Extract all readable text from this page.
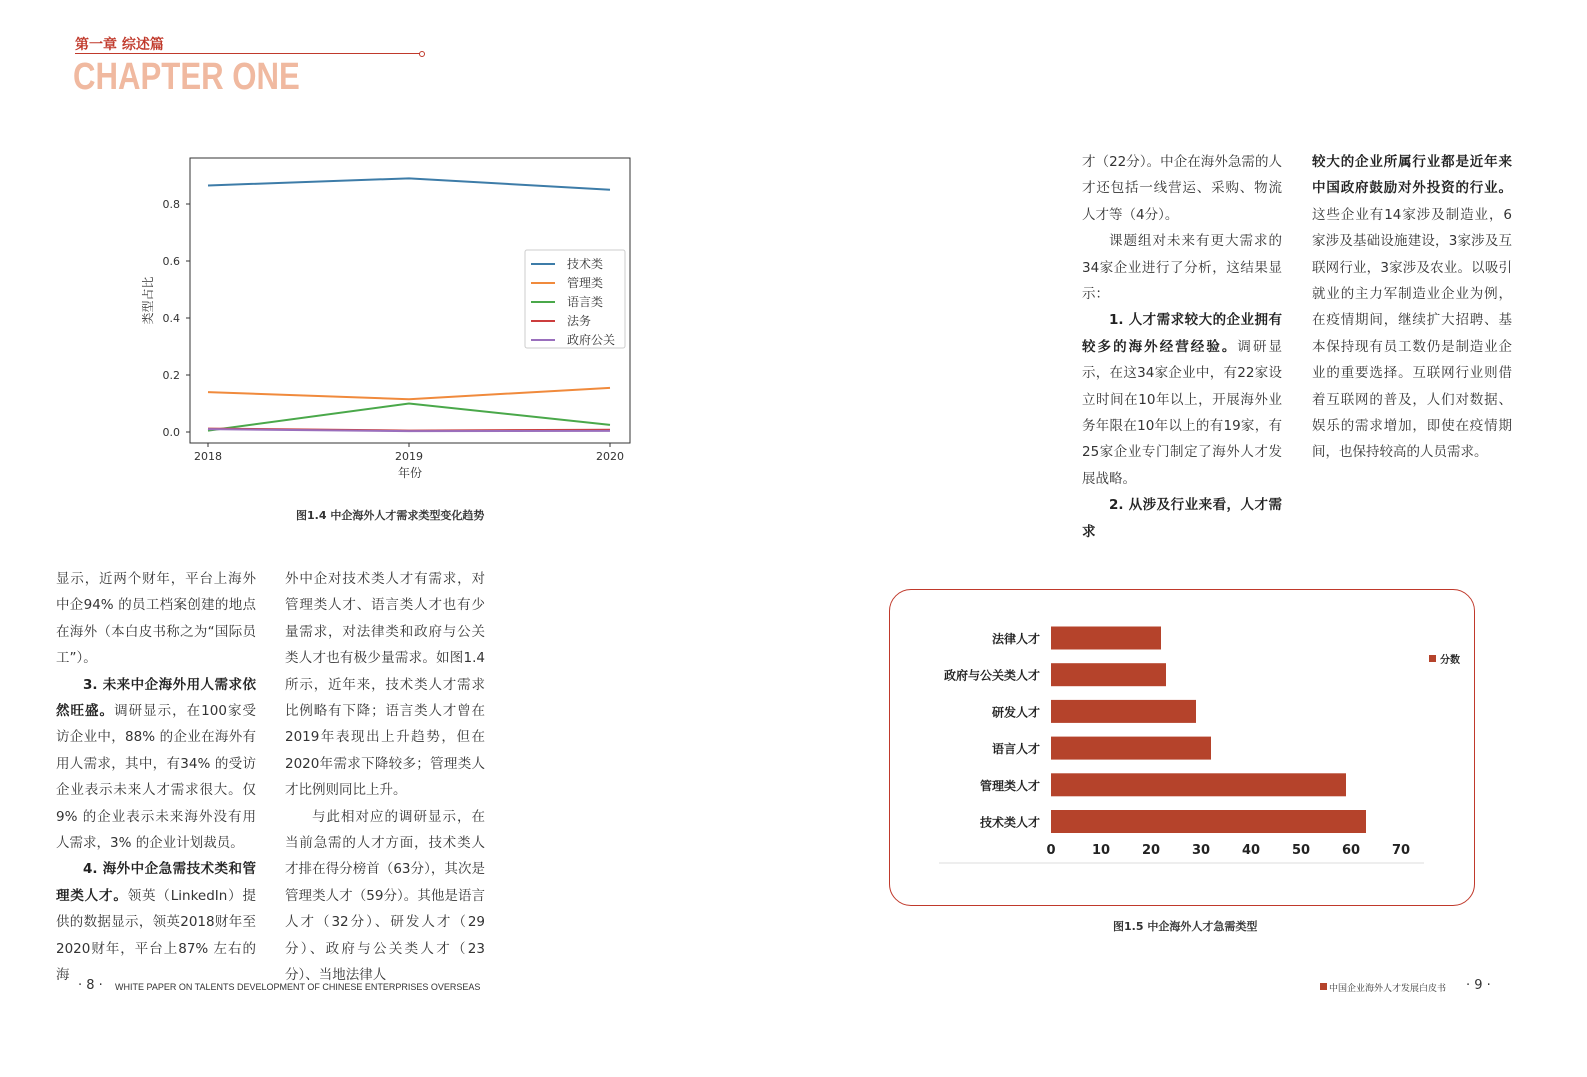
第一章 综述篇
CHAPTER ONE
0.0
0.2
0.4
0.6
0.8
2018	2019	2020
年份
类型占比
技术类
管理类
语言类
法务
政府公关
图1.4 中企海外人才需求类型变化趋势

显示，近两个财年，平台上海外中企94% 的员工档案创建的地点在海外（本白皮书称之为“国际员工”）。

3. 未来中企海外用人需求依然旺盛。调研显示，在100家受访企业中，88% 的企业在海外有用人需求，其中，有34% 的受访企业表示未来人才需求很大。仅9% 的企业表示未来海外没有用人需求，3% 的企业计划裁员。

4. 海外中企急需技术类和管理类人才。领英（LinkedIn）提供的数据显示，领英2018财年至2020财年，平台上87% 左右的海

外中企对技术类人才有需求，对管理类人才、语言类人才也有少量需求，对法律类和政府与公关类人才也有极少量需求。如图1.4所示，近年来，技术类人才需求比例略有下降；语言类人才曾在2019年表现出上升趋势，但在2020年需求下降较多；管理类人才比例则同比上升。

与此相对应的调研显示，在当前急需的人才方面，技术类人才排在得分榜首（63分），其次是管理类人才（59分）。其他是语言人才（32分）、研发人才（29分）、政府与公关类人才（23分）、当地法律人

才（22分）。中企在海外急需的人才还包括一线营运、采购、物流人才等（4分）。

课题组对未来有更大需求的34家企业进行了分析，这结果显示：

1. 人才需求较大的企业拥有较多的海外经营经验。调研显示，在这34家企业中，有22家设立时间在10年以上，开展海外业务年限在10年以上的有19家，有25家企业专门制定了海外人才发展战略。

2. 从涉及行业来看，人才需求

较大的企业所属行业都是近年来中国政府鼓励对外投资的行业。这些企业有14家涉及制造业，6家涉及基础设施建设，3家涉及互联网行业，3家涉及农业。以吸引就业的主力军制造业企业为例，在疫情期间，继续扩大招聘、基本保持现有员工数仍是制造业企业的重要选择。互联网行业则借着互联网的普及，人们对数据、娱乐的需求增加，即使在疫情期间，也保持较高的人员需求。

法律人才
政府与公关类人才
研发人才
语言人才
管理类人才
技术类人才
0	10 20 30 40 50 60 70
分数
图1.5 中企海外人才急需类型
· 8 · WHITE PAPER ON TALENTS DEVELOPMENT OF CHINESE ENTERPRISES OVERSEAS	中国企业海外人才发展白皮书 · 9 ·
